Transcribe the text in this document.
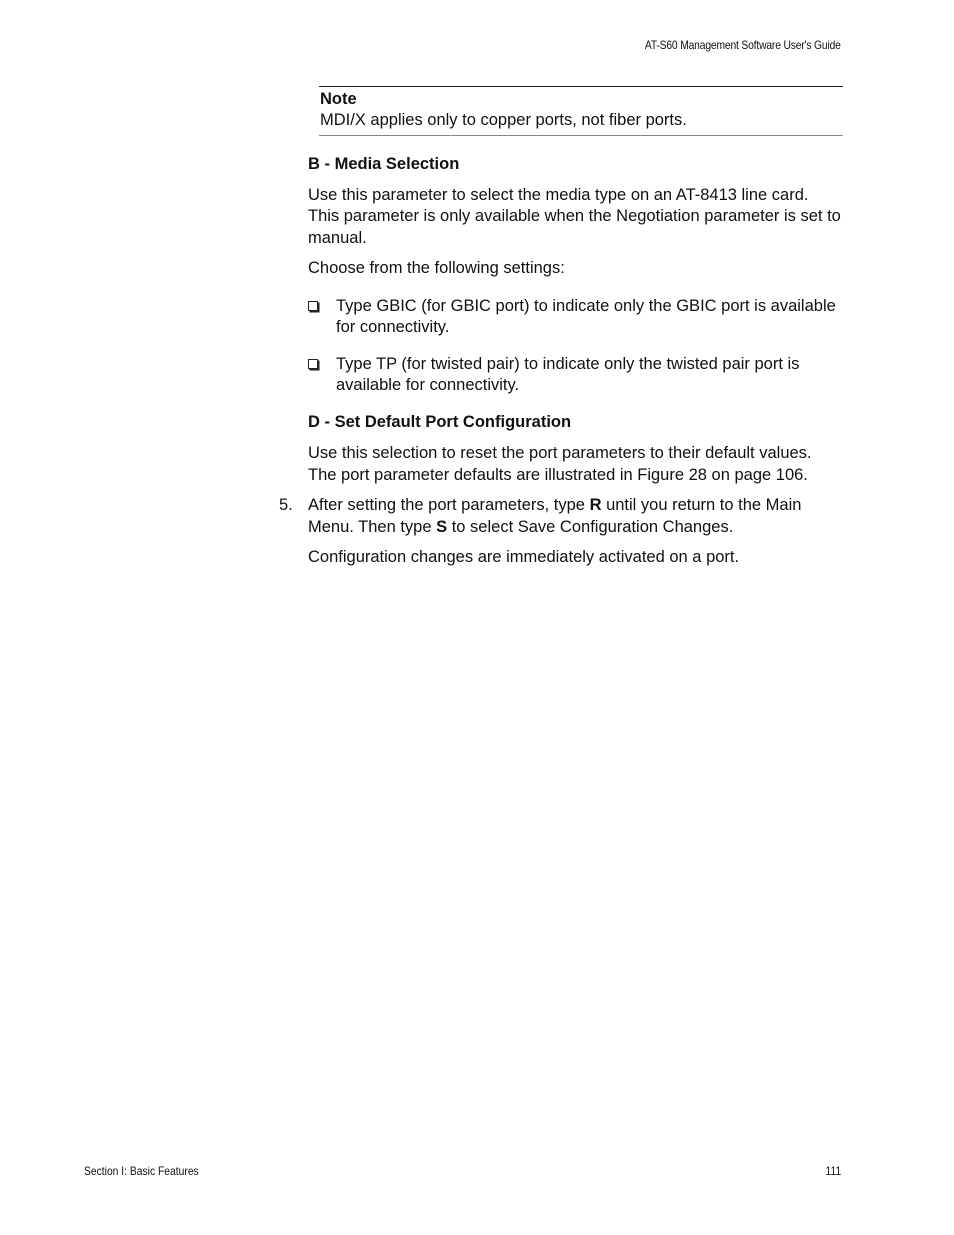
AT-S60 Management Software User's Guide
Note
MDI/X applies only to copper ports, not fiber ports.

B - Media Selection

Use this parameter to select the media type on an AT-8413 line card. This parameter is only available when the Negotiation parameter is set to manual.

Choose from the following settings:

Type GBIC (for GBIC port) to indicate only the GBIC port is available for connectivity.
Type TP (for twisted pair) to indicate only the twisted pair port is available for connectivity.

D - Set Default Port Configuration

Use this selection to reset the port parameters to their default values. The port parameter defaults are illustrated in Figure 28 on page 106.

5. After setting the port parameters, type R until you return to the Main Menu. Then type S to select Save Configuration Changes.

Configuration changes are immediately activated on a port.

Section I: Basic Features	111
